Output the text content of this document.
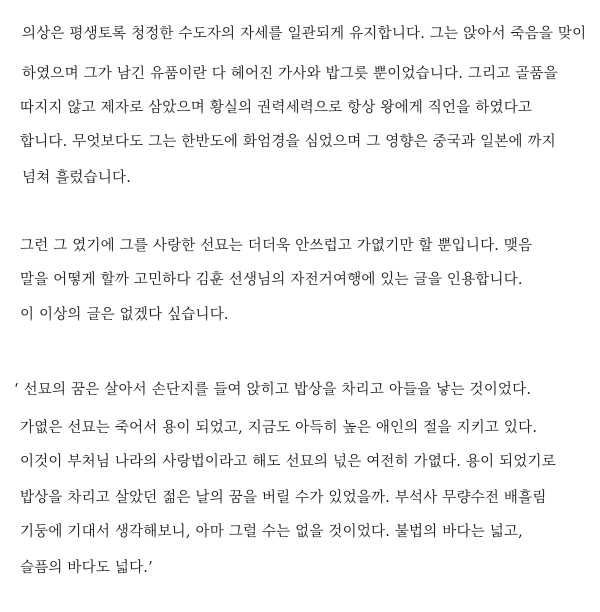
의상은 평생토록 청정한 수도자의 자세를 일관되게 유지합니다. 그는 앉아서 죽음을 맞이
하였으며 그가 남긴 유품이란 다 헤어진 가사와 밥그릇 뿐이었습니다. 그리고 골품을
따지지 않고 제자로 삼았으며 황실의 권력세력으로 항상 왕에게 직언을 하였다고
합니다. 무엇보다도 그는 한반도에 화엄경을 심었으며 그 영향은 중국과 일본에 까지
넘쳐 흘렀습니다.
그런 그 였기에 그를 사랑한 선묘는 더더욱 안쓰럽고 가엾기만 할 뿐입니다. 맺음
말을 어떻게 할까 고민하다 김훈 선생님의 자전거여행에 있는 글을 인용합니다.
이 이상의 글은 없겠다 싶습니다.
‘ 선묘의 꿈은 살아서 손단지를 들여 앉히고 밥상을 차리고 아들을 낳는 것이었다.
가엾은 선묘는 죽어서 용이 되었고, 지금도 아득히 높은 애인의 절을 지키고 있다.
이것이 부처님 나라의 사랑법이라고 해도 선묘의 넋은 여전히 가엾다. 용이 되었기로
밥상을 차리고 살았던 젊은 날의 꿈을 버릴 수가 있었을까. 부석사 무량수전 배흘림
기둥에 기대서 생각해보니, 아마 그럴 수는 없을 것이었다. 불법의 바다는 넓고,
슬픔의 바다도 넓다.’
